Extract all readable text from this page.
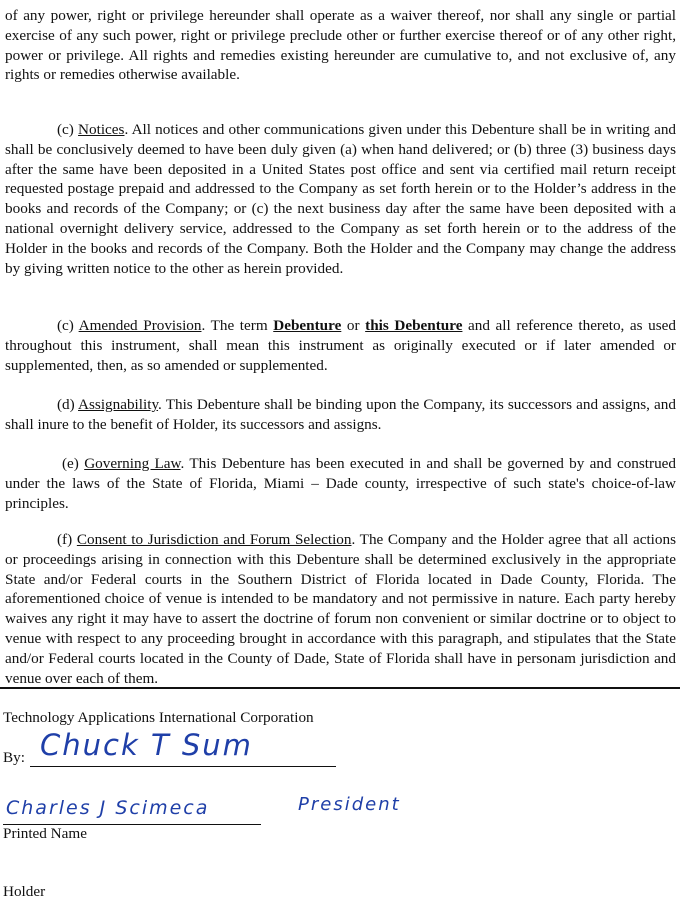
of any power, right or privilege hereunder shall operate as a waiver thereof, nor shall any single or partial exercise of any such power, right or privilege preclude other or further exercise thereof or of any other right, power or privilege. All rights and remedies existing hereunder are cumulative to, and not exclusive of, any rights or remedies otherwise available.

(c) Notices. All notices and other communications given under this Debenture shall be in writing and shall be conclusively deemed to have been duly given (a) when hand delivered; or (b) three (3) business days after the same have been deposited in a United States post office and sent via certified mail return receipt requested postage prepaid and addressed to the Company as set forth herein or to the Holder’s address in the books and records of the Company; or (c) the next business day after the same have been deposited with a national overnight delivery service, addressed to the Company as set forth herein or to the address of the Holder in the books and records of the Company. Both the Holder and the Company may change the address by giving written notice to the other as herein provided.

(c) Amended Provision. The term Debenture or this Debenture and all reference thereto, as used throughout this instrument, shall mean this instrument as originally executed or if later amended or supplemented, then, as so amended or supplemented.

(d) Assignability. This Debenture shall be binding upon the Company, its successors and assigns, and shall inure to the benefit of Holder, its successors and assigns.

(e) Governing Law. This Debenture has been executed in and shall be governed by and construed under the laws of the State of Florida, Miami – Dade county, irrespective of such state's choice-of-law principles.

(f) Consent to Jurisdiction and Forum Selection. The Company and the Holder agree that all actions or proceedings arising in connection with this Debenture shall be determined exclusively in the appropriate State and/or Federal courts in the Southern District of Florida located in Dade County, Florida. The aforementioned choice of venue is intended to be mandatory and not permissive in nature. Each party hereby waives any right it may have to assert the doctrine of forum non convenient or similar doctrine or to object to venue with respect to any proceeding brought in accordance with this paragraph, and stipulates that the State and/or Federal courts located in the County of Dade, State of Florida shall have in personam jurisdiction and venue over each of them.

Technology Applications International Corporation
By: Chuck T Sum
Charles J Scimeca	President
Printed Name
Holder
